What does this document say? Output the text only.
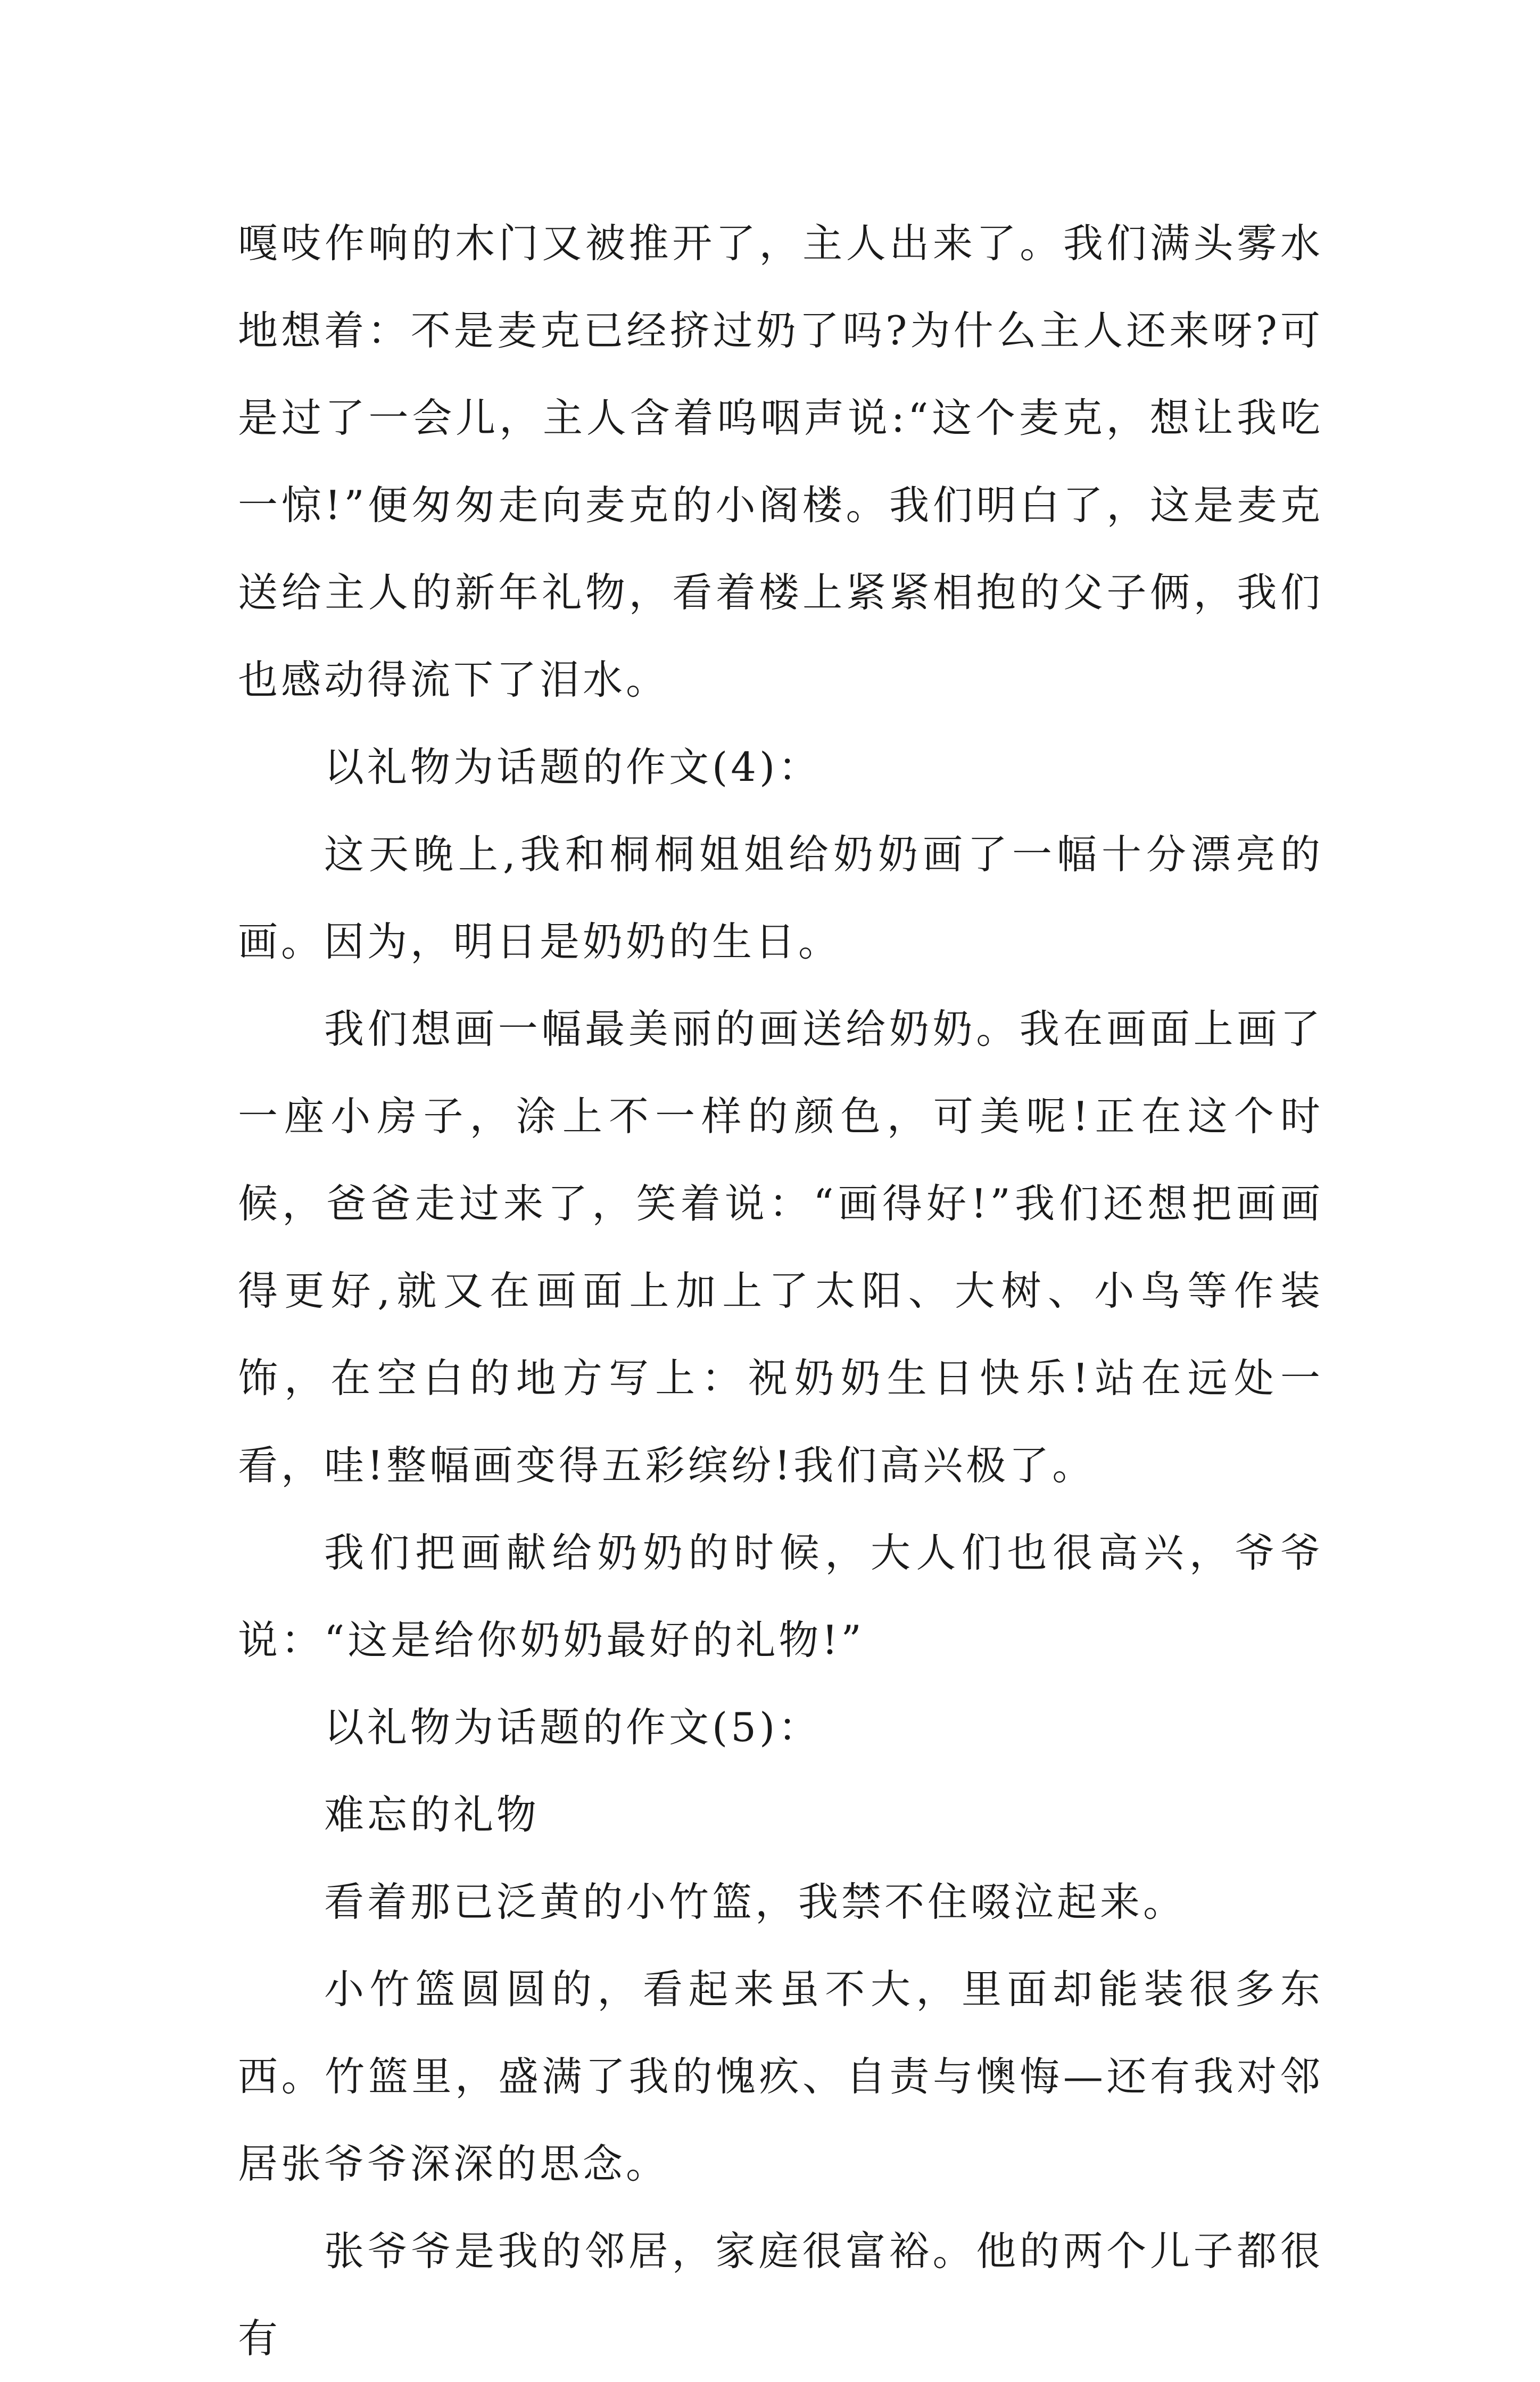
嘎吱作响的木门又被推开了，主人出来了。我们满头雾水地想着：不是麦克已经挤过奶了吗?为什么主人还来呀?可是过了一会儿，主人含着呜咽声说:“这个麦克，想让我吃一惊!”便匆匆走向麦克的小阁楼。我们明白了，这是麦克送给主人的新年礼物，看着楼上紧紧相抱的父子俩，我们也感动得流下了泪水。

以礼物为话题的作文(4)：

这天晚上,我和桐桐姐姐给奶奶画了一幅十分漂亮的画。因为，明日是奶奶的生日。

我们想画一幅最美丽的画送给奶奶。我在画面上画了一座小房子，涂上不一样的颜色，可美呢!正在这个时候，爸爸走过来了，笑着说：“画得好!”我们还想把画画得更好,就又在画面上加上了太阳、大树、小鸟等作装饰，在空白的地方写上：祝奶奶生日快乐!站在远处一看，哇!整幅画变得五彩缤纷!我们高兴极了。

我们把画献给奶奶的时候，大人们也很高兴，爷爷说：“这是给你奶奶最好的礼物!”

以礼物为话题的作文(5)：

难忘的礼物

看着那已泛黄的小竹篮，我禁不住啜泣起来。

小竹篮圆圆的，看起来虽不大，里面却能装很多东西。竹篮里，盛满了我的愧疚、自责与懊悔—还有我对邻居张爷爷深深的思念。

张爷爷是我的邻居，家庭很富裕。他的两个儿子都很有
